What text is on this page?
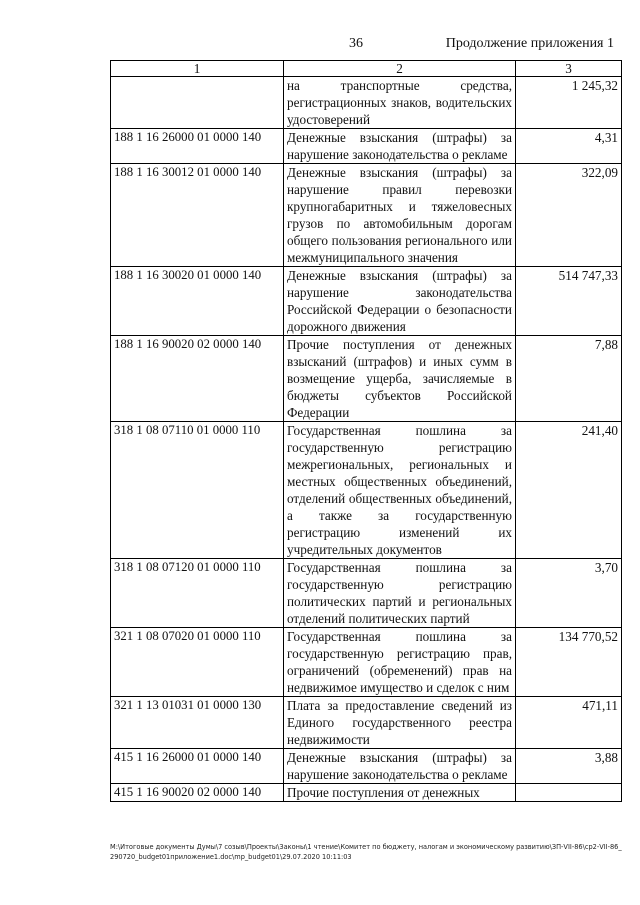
36	Продолжение приложения 1
1	2	3
	на транспортные средства, регистрационных знаков, водительских удостоверений	1 245,32
188 1 16 26000 01 0000 140	Денежные взыскания (штрафы) за нарушение законодательства о рекламе	4,31
188 1 16 30012 01 0000 140	Денежные взыскания (штрафы) за нарушение правил перевозки крупногабаритных и тяжеловесных грузов по автомобильным дорогам общего пользования регионального или межмуниципального значения	322,09
188 1 16 30020 01 0000 140	Денежные взыскания (штрафы) за нарушение законодательства Российской Федерации о безопасности дорожного движения	514 747,33
188 1 16 90020 02 0000 140	Прочие поступления от денежных взысканий (штрафов) и иных сумм в возмещение ущерба, зачисляемые в бюджеты субъектов Российской Федерации	7,88
318 1 08 07110 01 0000 110	Государственная пошлина за государственную регистрацию межрегиональных, региональных и местных общественных объединений, отделений общественных объединений, а также за государственную регистрацию изменений их учредительных документов	241,40
318 1 08 07120 01 0000 110	Государственная пошлина за государственную регистрацию политических партий и региональных отделений политических партий	3,70
321 1 08 07020 01 0000 110	Государственная пошлина за государственную регистрацию прав, ограничений (обременений) прав на недвижимое имущество и сделок с ним	134 770,52
321 1 13 01031 01 0000 130	Плата за предоставление сведений из Единого государственного реестра недвижимости	471,11
415 1 16 26000 01 0000 140	Денежные взыскания (штрафы) за нарушение законодательства о рекламе	3,88
415 1 16 90020 02 0000 140	Прочие поступления от денежных	
M:\Итоговые документы Думы\7 созыв\Проекты\Законы\1 чтение\Комитет по бюджету, налогам и экономическому развитию\ЗП-VII-86\ср2-VII-86_290720_budget01приложение1.doc\mp_budget01\29.07.2020 10:11:03
